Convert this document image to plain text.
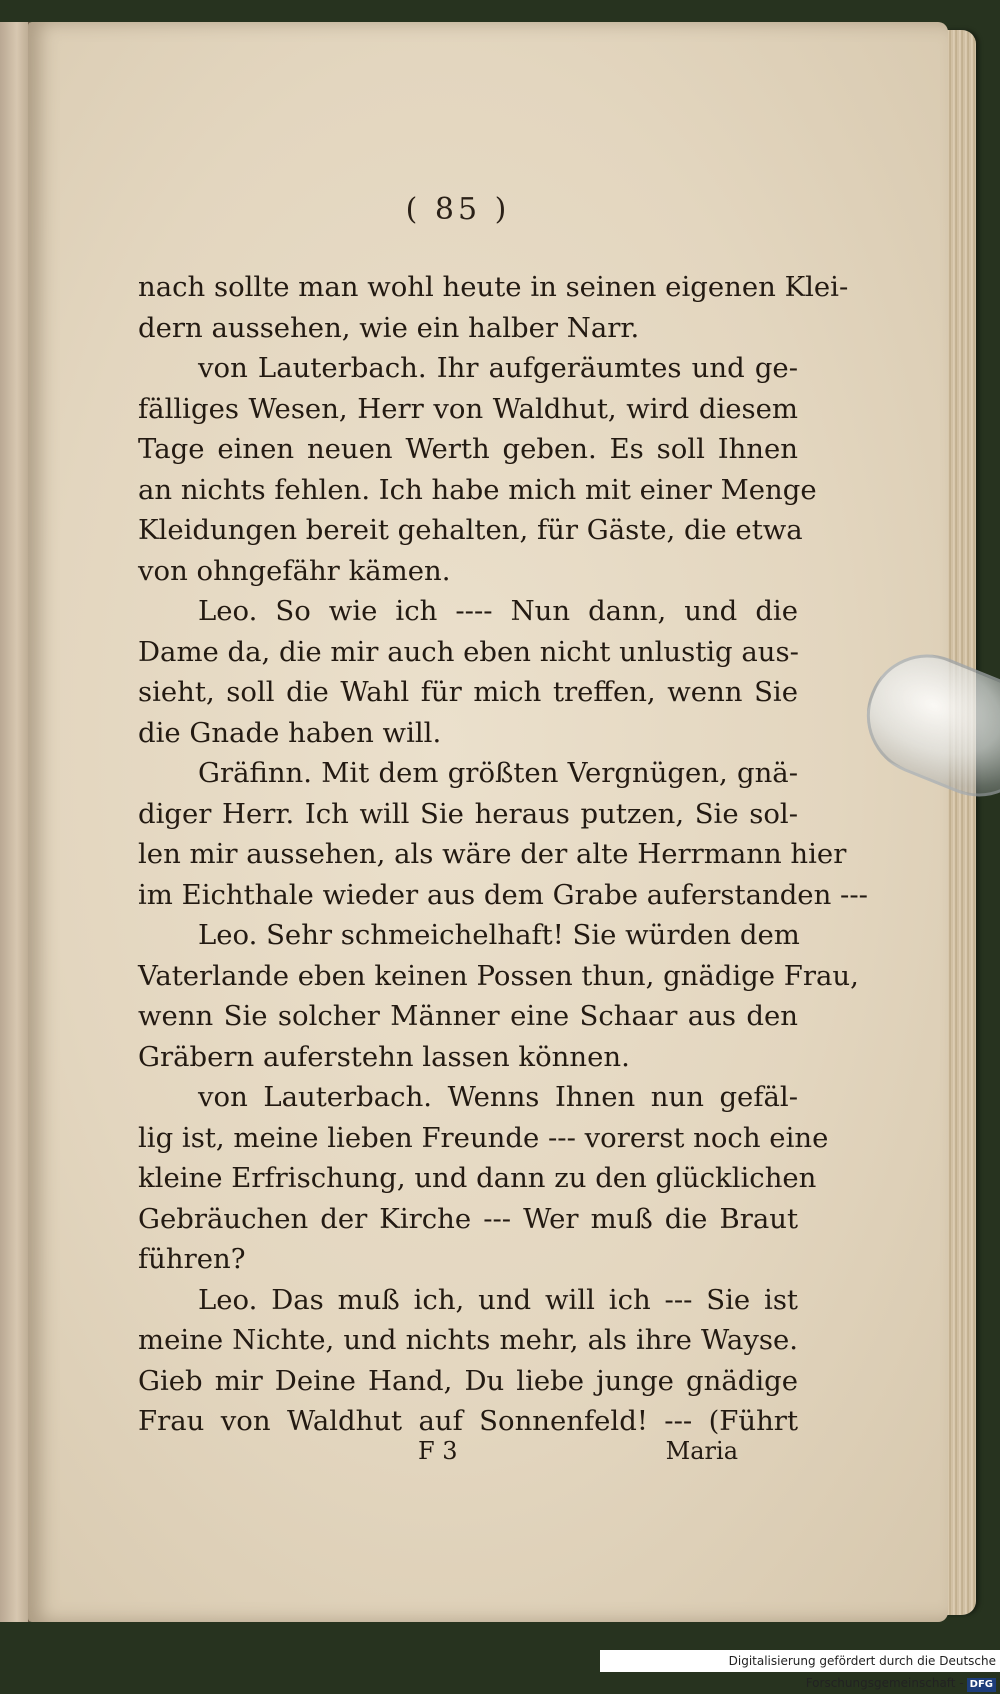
( 85 )
nach sollte man wohl heute in seinen eigenen Klei-
dern aussehen, wie ein halber Narr.
von Lauterbach. Ihr aufgeräumtes und ge-
fälliges Wesen, Herr von Waldhut, wird diesem
Tage einen neuen Werth geben. Es soll Ihnen
an nichts fehlen. Ich habe mich mit einer Menge
Kleidungen bereit gehalten, für Gäste, die etwa
von ohngefähr kämen.
Leo. So wie ich ---- Nun dann, und die
Dame da, die mir auch eben nicht unlustig aus-
sieht, soll die Wahl für mich treffen, wenn Sie
die Gnade haben will.
Gräfinn. Mit dem größten Vergnügen, gnä-
diger Herr. Ich will Sie heraus putzen, Sie sol-
len mir aussehen, als wäre der alte Herrmann hier
im Eichthale wieder aus dem Grabe auferstanden ---
Leo. Sehr schmeichelhaft! Sie würden dem
Vaterlande eben keinen Possen thun, gnädige Frau,
wenn Sie solcher Männer eine Schaar aus den
Gräbern auferstehn lassen können.
von Lauterbach. Wenns Ihnen nun gefäl-
lig ist, meine lieben Freunde --- vorerst noch eine
kleine Erfrischung, und dann zu den glücklichen
Gebräuchen der Kirche --- Wer muß die Braut
führen?
Leo. Das muß ich, und will ich --- Sie ist
meine Nichte, und nichts mehr, als ihre Wayse.
Gieb mir Deine Hand, Du liebe junge gnädige
Frau von Waldhut auf Sonnenfeld! --- (Führt
F 3	Maria
Digitalisierung gefördert durch die Deutsche Forschungsgemeinschaft - DFG
